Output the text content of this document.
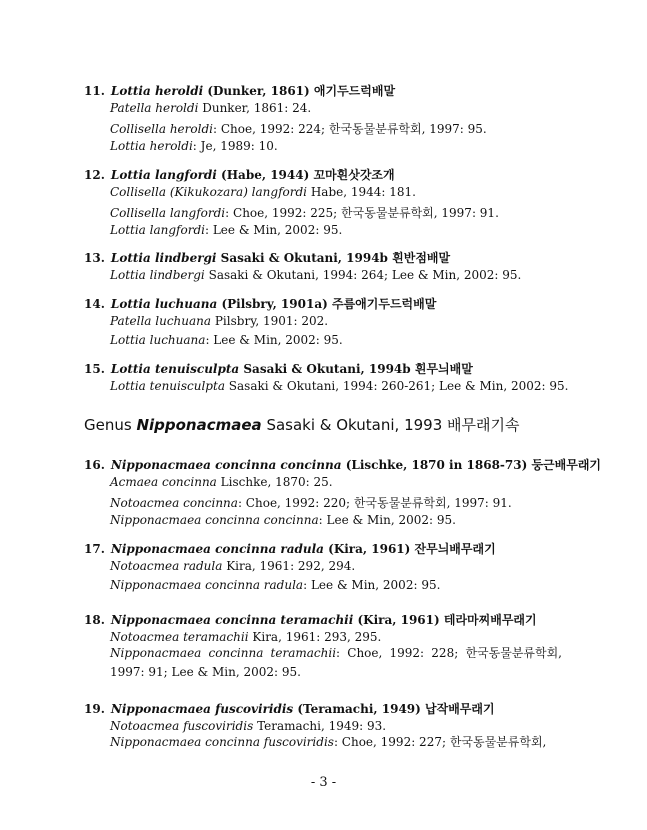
11. Lottia heroldi (Dunker, 1861) 애기두드럭배말
Patella heroldi Dunker, 1861: 24.
Collisella heroldi: Choe, 1992: 224; 한국동물분류학회, 1997: 95.
Lottia heroldi: Je, 1989: 10.
12. Lottia langfordi (Habe, 1944) 꼬마흰삿갓조개
Collisella (Kikukozara) langfordi Habe, 1944: 181.
Collisella langfordi: Choe, 1992: 225; 한국동물분류학회, 1997: 91.
Lottia langfordi: Lee & Min, 2002: 95.
13. Lottia lindbergi Sasaki & Okutani, 1994b 흰반점배말
Lottia lindbergi Sasaki & Okutani, 1994: 264; Lee & Min, 2002: 95.
14. Lottia luchuana (Pilsbry, 1901a) 주름애기두드럭배말
Patella luchuana Pilsbry, 1901: 202.
Lottia luchuana: Lee & Min, 2002: 95.
15. Lottia tenuisculpta Sasaki & Okutani, 1994b 흰무늬배말
Lottia tenuisculpta Sasaki & Okutani, 1994: 260-261; Lee & Min, 2002: 95.
Genus Nipponacmaea Sasaki & Okutani, 1993 배무래기속
16. Nipponacmaea concinna concinna (Lischke, 1870 in 1868-73) 둥근배무래기
Acmaea concinna Lischke, 1870: 25.
Notoacmea concinna: Choe, 1992: 220; 한국동물분류학회, 1997: 91.
Nipponacmaea concinna concinna: Lee & Min, 2002: 95.
17. Nipponacmaea concinna radula (Kira, 1961) 잔무늬배무래기
Notoacmea radula Kira, 1961: 292, 294.
Nipponacmaea concinna radula: Lee & Min, 2002: 95.
18. Nipponacmaea concinna teramachii (Kira, 1961) 테라마찌배무래기
Notoacmea teramachii Kira, 1961: 293, 295.
Nipponacmaea concinna teramachii: Choe, 1992: 228; 한국동물분류학회, 1997: 91; Lee & Min, 2002: 95.
19. Nipponacmaea fuscoviridis (Teramachi, 1949) 납작배무래기
Notoacmea fuscoviridis Teramachi, 1949: 93.
Nipponacmaea concinna fuscoviridis: Choe, 1992: 227; 한국동물분류학회,
- 3 -
